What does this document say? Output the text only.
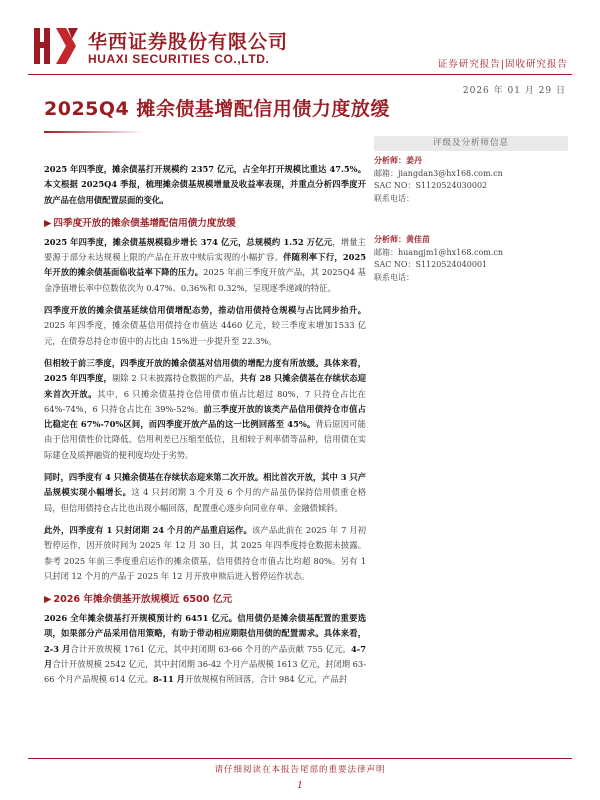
华西证券股份有限公司
HUAXI SECURITIES CO.,LTD.	证券研究报告|固收研究报告
2026 年 01 月 29 日
2025Q4 摊余债基增配信用债力度放缓

2025 年四季度，摊余债基打开规模约 2357 亿元，占全年打开规模比重达 47.5%。本文根据 2025Q4 季报，梳理摊余债基规模增量及收益率表现，并重点分析四季度开放产品在信用债配置层面的变化。

▶ 四季度开放的摊余债基增配信用债力度放缓

2025 年四季度，摊余债基规模稳步增长 374 亿元，总规模约 1.52 万亿元，增量主要源于部分未达规模上限的产品在开放中赎后实现的小幅扩容。伴随利率下行，2025 年开放的摊余债基面临收益率下降的压力。2025 年前三季度开放产品，其 2025Q4 基金净值增长率中位数依次为 0.47%、0.36%和 0.32%，呈现逐季递减的特征。

四季度开放的摊余债基延续信用债增配态势，推动信用债持仓规模与占比同步抬升。2025 年四季度，摊余债基信用债持仓市值达 4460 亿元，较三季度末增加1533 亿元，在债券总持仓市值中的占比由 15%进一步提升至 22.3%。

但相较于前三季度，四季度开放的摊余债基对信用债的增配力度有所放缓。具体来看，2025 年四季度，剔除 2 只未披露持仓数据的产品，共有 28 只摊余债基在存续状态迎来首次开放。其中，6 只摊余债基持仓信用债市值占比超过 80%，7 只持仓占比在 64%-74%，6 只持仓占比在 39%-52%。前三季度开放的该类产品信用债持仓市值占比稳定在 67%-70%区间，而四季度开放产品的这一比例回落至 45%。背后原因可能由于信用债性价比降低，信用利差已压缩至低位，且相较于利率债等品种，信用债在实际建仓及质押融资的便利度均处于劣势。

同时，四季度有 4 只摊余债基在存续状态迎来第二次开放。相比首次开放，其中 3 只产品规模实现小幅增长。这 4 只封闭期 3 个月及 6 个月的产品虽仍保持信用债重仓格局，但信用债持仓占比也出现小幅回落，配置重心逐步向同业存单、金融债倾斜。

此外，四季度有 1 只封闭期 24 个月的产品重启运作。该产品此前在 2025 年 7 月初暂停运作，因开放时间为 2025 年 12 月 30 日，其 2025 年四季度持仓数据未披露。参考 2025 年前三季度重启运作的摊余债基，信用债持仓市值占比均超 80%。另有 1 只封闭 12 个月的产品于 2025 年 12 月开放申赎后进入暂停运作状态。

▶ 2026 年摊余债基开放规模近 6500 亿元

2026 全年摊余债基打开规模预计约 6451 亿元。信用债仍是摊余债基配置的重要选项，如果部分产品采用信用策略，有助于带动相应期限信用债的配置需求。具体来看，2-3 月合计开放规模 1761 亿元，其中封闭期 63-66 个月的产品贡献 755 亿元。4-7 月合计开放规模 2542 亿元，其中封闭期 36-42 个月产品规模 1613 亿元，封闭期 63-66 个月产品规模 614 亿元。8-11 月开放规模有所回落，合计 984 亿元，产品封

评级及分析师信息
分析师：姜丹
邮箱：jiangdan3@hx168.com.cn
SAC NO：S1120524030002
联系电话：
分析师：黄佳苗
邮箱：huangjm1@hx168.com.cn
SAC NO：S1120524040001
联系电话：
请仔细阅读在本报告尾部的重要法律声明
1
